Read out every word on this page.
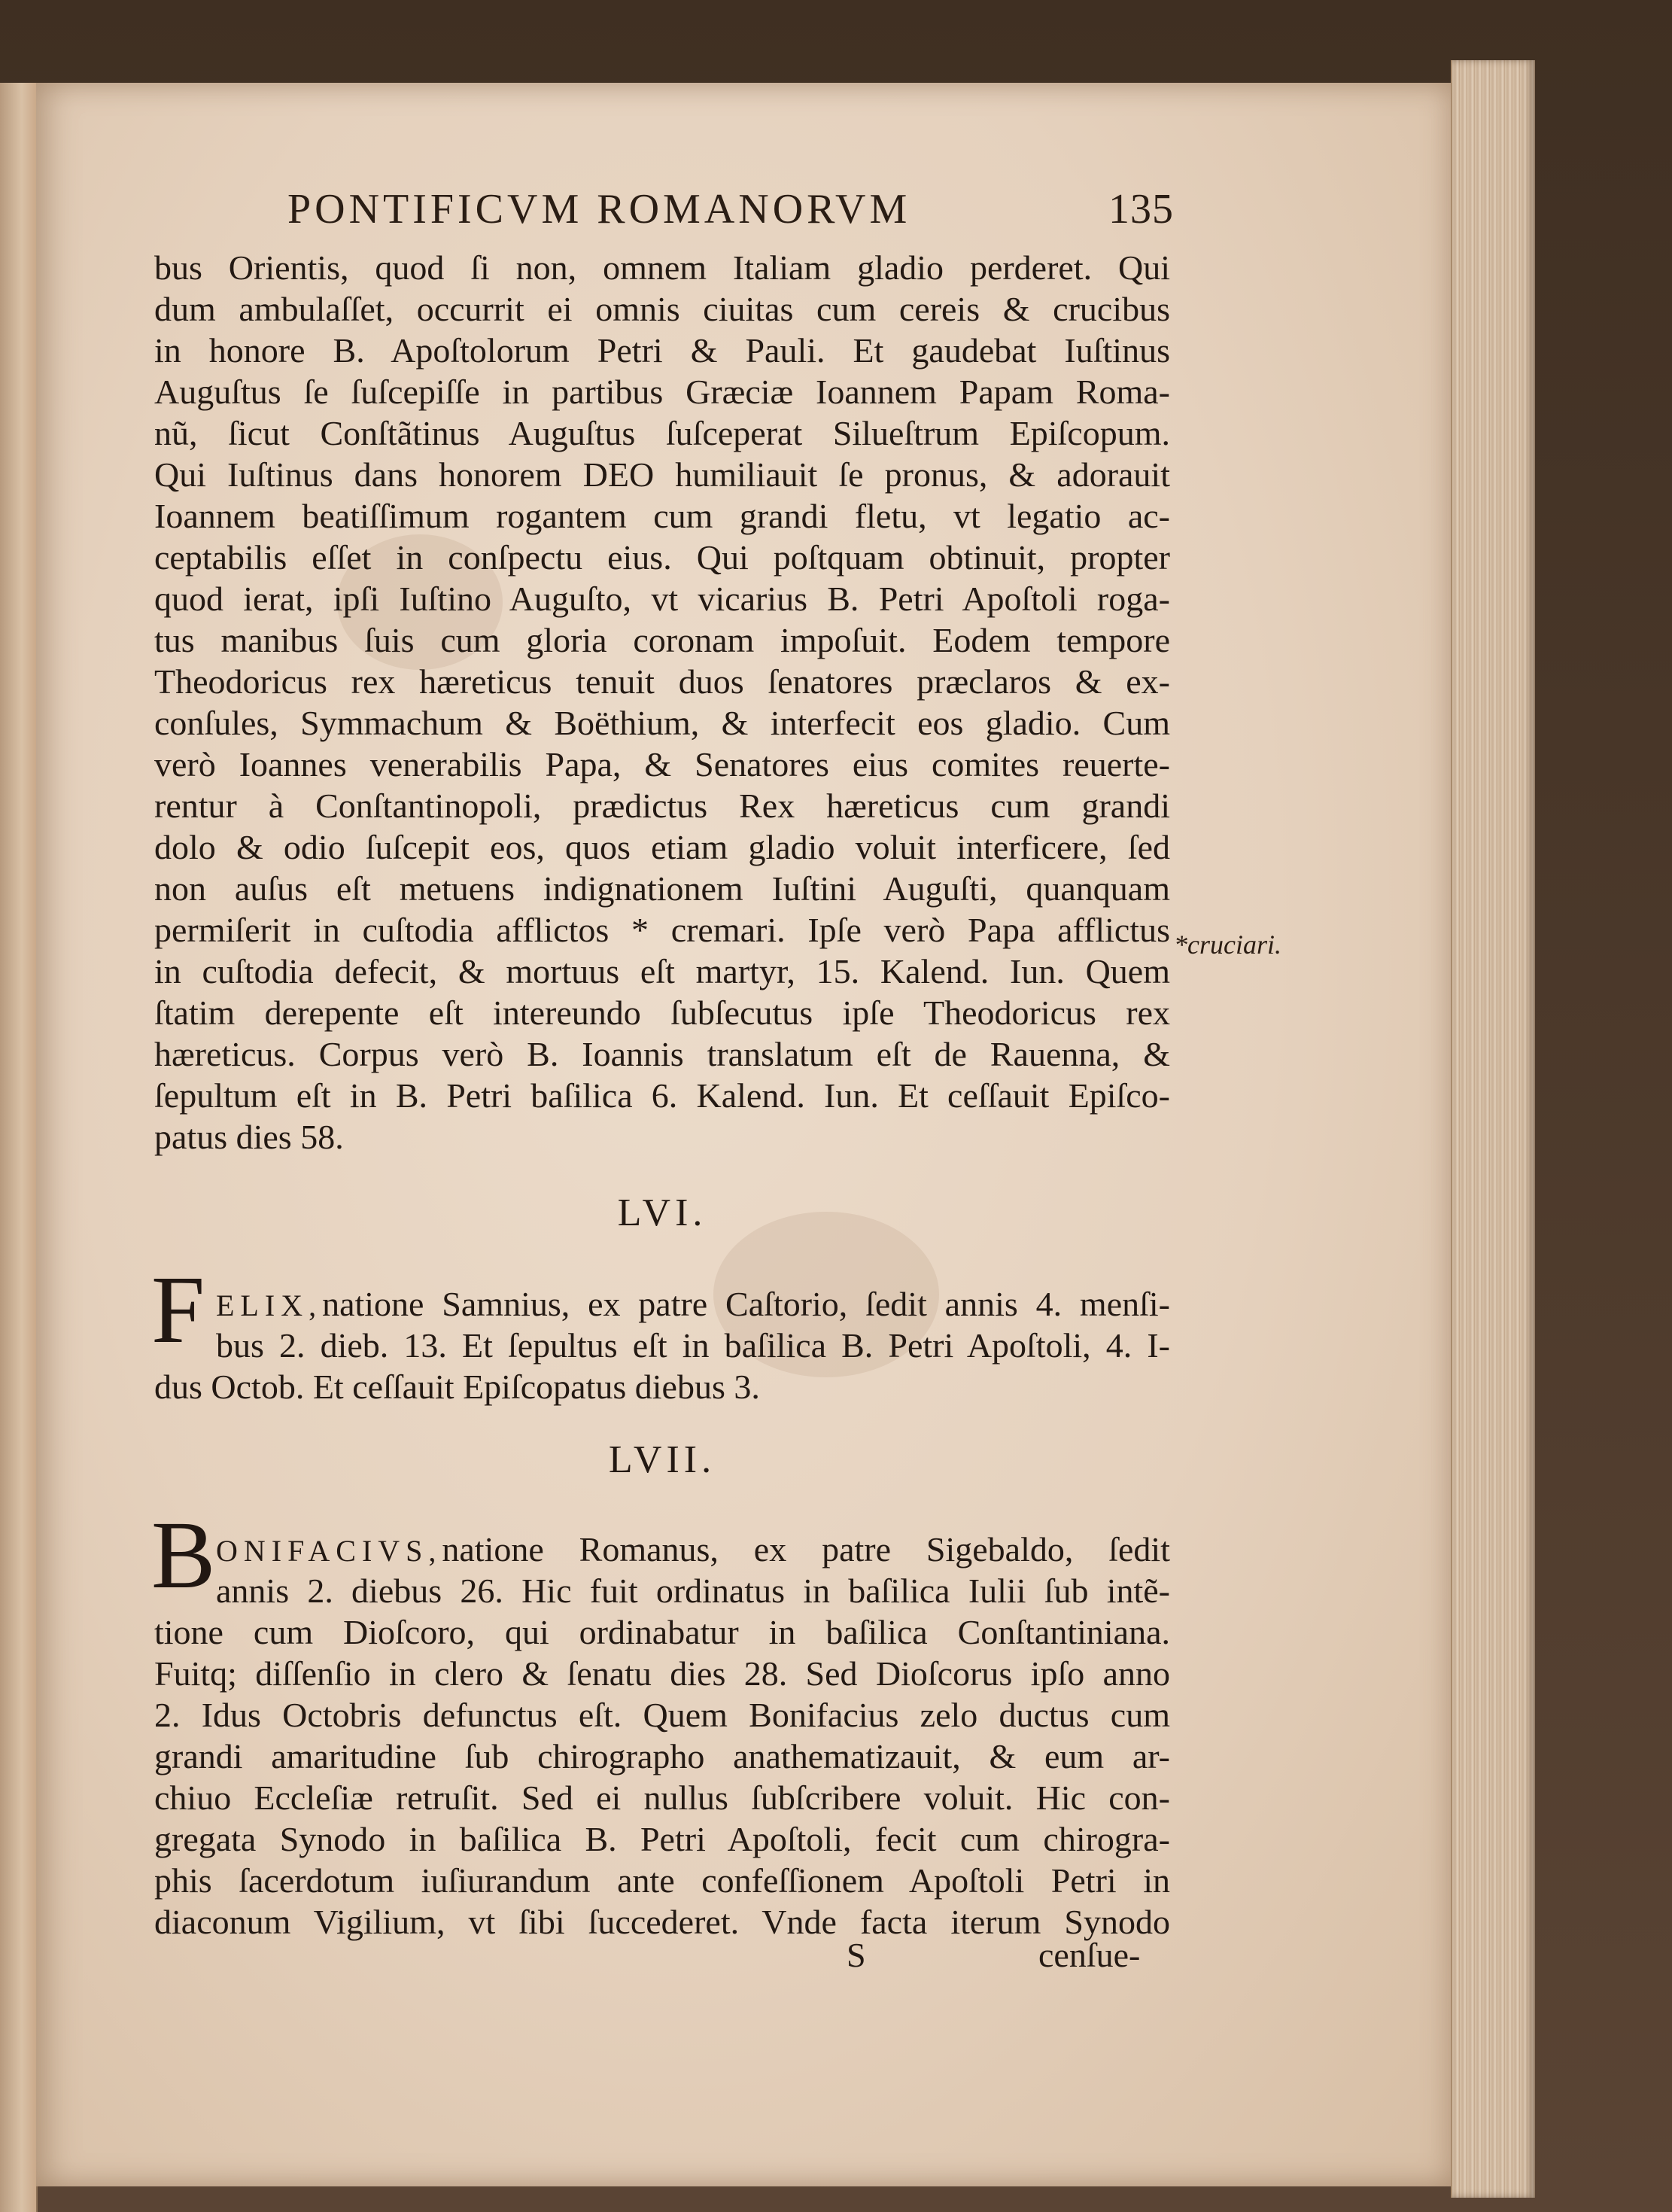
PONTIFICVM ROMANORVM	135
bus Orientis, quod ſi non, omnem Italiam gladio perderet. Qui
dum ambulaſſet, occurrit ei omnis ciuitas cum cereis & crucibus
in honore B. Apoſtolorum Petri & Pauli. Et gaudebat Iuſtinus
Auguſtus ſe ſuſcepiſſe in partibus Græciæ Ioannem Papam Roma-
nũ, ſicut Conſtãtinus Auguſtus ſuſceperat Silueſtrum Epiſcopum.
Qui Iuſtinus dans honorem DEO humiliauit ſe pronus, & adorauit
Ioannem beatiſſimum rogantem cum grandi fletu, vt legatio ac-
ceptabilis eſſet in conſpectu eius. Qui poſtquam obtinuit, propter
quod ierat, ipſi Iuſtino Auguſto, vt vicarius B. Petri Apoſtoli roga-
tus manibus ſuis cum gloria coronam impoſuit. Eodem tempore
Theodoricus rex hæreticus tenuit duos ſenatores præclaros & ex-
conſules, Symmachum & Boëthium, & interfecit eos gladio. Cum
verò Ioannes venerabilis Papa, & Senatores eius comites reuerte-
rentur à Conſtantinopoli, prædictus Rex hæreticus cum grandi
dolo & odio ſuſcepit eos, quos etiam gladio voluit interficere, ſed
non auſus eſt metuens indignationem Iuſtini Auguſti, quanquam
permiſerit in cuſtodia afflictos * cremari. Ipſe verò Papa afflictus
in cuſtodia defecit, & mortuus eſt martyr, 15. Kalend. Iun. Quem
ſtatim derepente eſt intereundo ſubſecutus ipſe Theodoricus rex
hæreticus. Corpus verò B. Ioannis translatum eſt de Rauenna, &
ſepultum eſt in B. Petri baſilica 6. Kalend. Iun. Et ceſſauit Epiſco-
patus dies 58.
LVI.
F ELIX,natione Samnius, ex patre Caſtorio, ſedit annis 4. menſi-
bus 2. dieb. 13. Et ſepultus eſt in baſilica B. Petri Apoſtoli, 4. I-
dus Octob. Et ceſſauit Epiſcopatus diebus 3.
LVII.
B ONIFACIVS,natione Romanus, ex patre Sigebaldo, ſedit
annis 2. diebus 26. Hic fuit ordinatus in baſilica Iulii ſub intẽ-
tione cum Dioſcoro, qui ordinabatur in baſilica Conſtantiniana.
Fuitq; diſſenſio in clero & ſenatu dies 28. Sed Dioſcorus ipſo anno
2. Idus Octobris defunctus eſt. Quem Bonifacius zelo ductus cum
grandi amaritudine ſub chirographo anathematizauit, & eum ar-
chiuo Eccleſiæ retruſit. Sed ei nullus ſubſcribere voluit. Hic con-
gregata Synodo in baſilica B. Petri Apoſtoli, fecit cum chirogra-
phis ſacerdotum iuſiurandum ante confeſſionem Apoſtoli Petri in
diaconum Vigilium, vt ſibi ſuccederet. Vnde facta iterum Synodo
S	cenſue-
*cruciari.
